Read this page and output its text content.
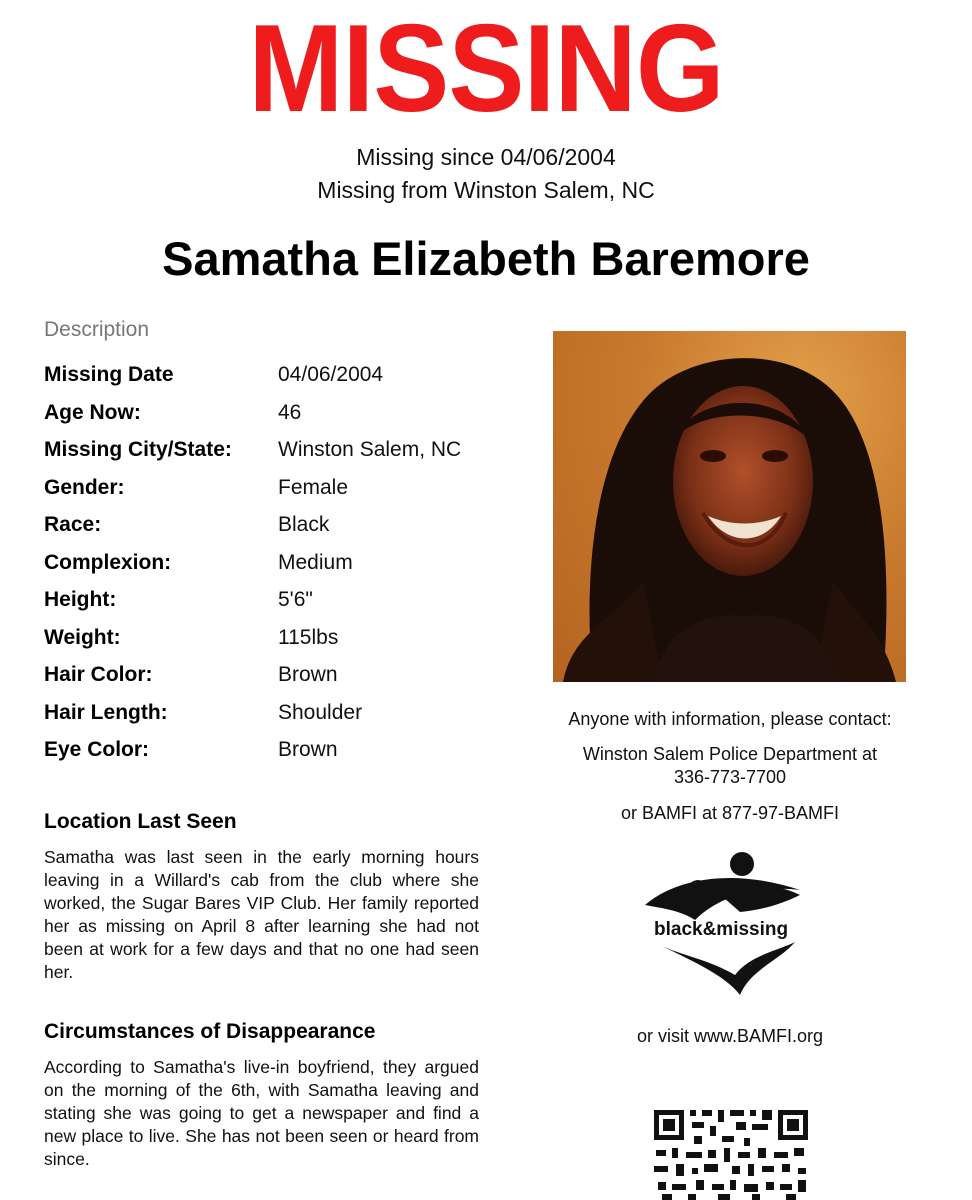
MISSING
Missing since 04/06/2004
Missing from Winston Salem, NC
Samatha Elizabeth Baremore
Description
Missing Date	04/06/2004
Age Now:	46
Missing City/State: Winston Salem, NC
Gender:	Female
Race:	Black
Complexion:	Medium
Height:	5'6"
Weight:	115lbs
Hair Color:	Brown
Hair Length:	Shoulder
Eye Color:	Brown
Location Last Seen
Samatha was last seen in the early morning hours leaving in a Willard's cab from the club where she worked, the Sugar Bares VIP Club. Her family reported her as missing on April 8 after learning she had not been at work for a few days and that no one had seen her.
Circumstances of Disappearance
According to Samatha's live-in boyfriend, they argued on the morning of the 6th, with Samatha leaving and stating she was going to get a newspaper and find a new place to live. She has not been seen or heard from since.
Anyone with information, please contact:
Winston Salem Police Department at
336-773-7700
or BAMFI at 877-97-BAMFI
black&missing
or visit www.BAMFI.org
